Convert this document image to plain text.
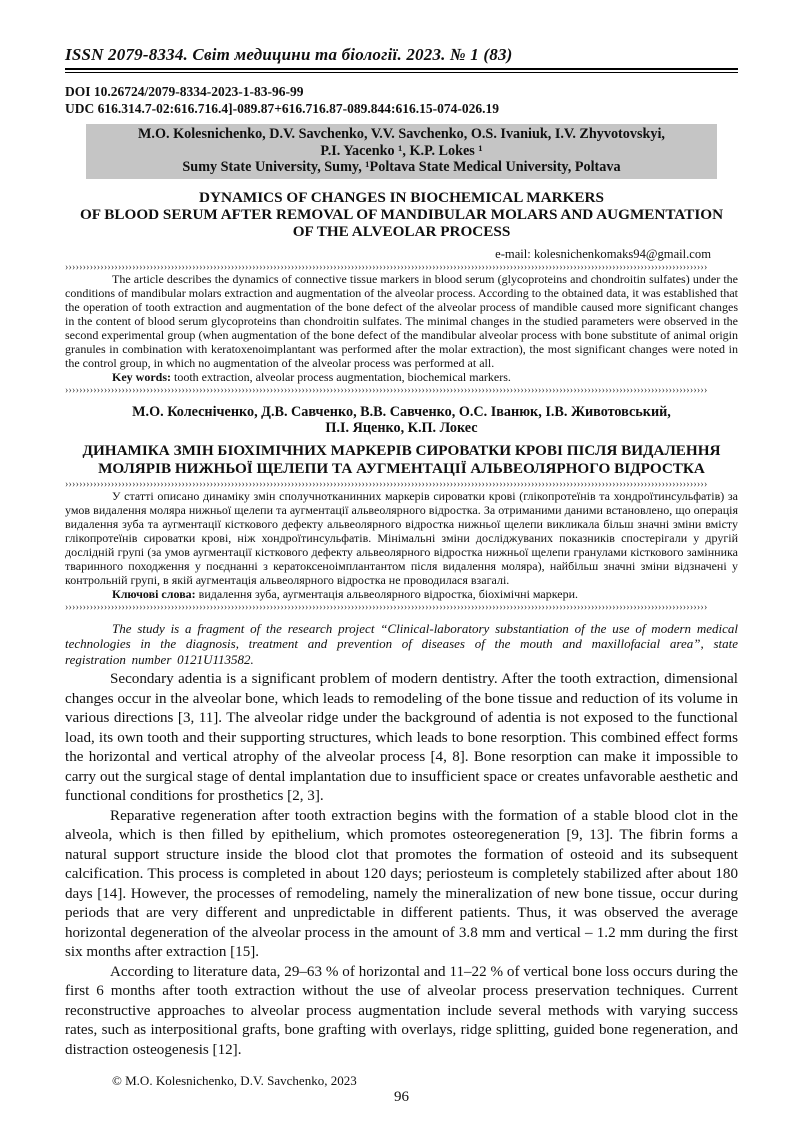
ISSN 2079-8334. Світ медицини та біології. 2023. № 1 (83)
DOI 10.26724/2079-8334-2023-1-83-96-99
UDC 616.314.7-02:616.716.4]-089.87+616.716.87-089.844:616.15-074-026.19
M.O. Kolesnichenko, D.V. Savchenko, V.V. Savchenko, O.S. Ivaniuk, I.V. Zhyvotovskyi,
P.I. Yacenko ¹, K.P. Lokes ¹
Sumy State University, Sumy, ¹Poltava State Medical University, Poltava
DYNAMICS OF CHANGES IN BIOCHEMICAL MARKERS
OF BLOOD SERUM AFTER REMOVAL OF MANDIBULAR MOLARS AND AUGMENTATION
OF THE ALVEOLAR PROCESS
e-mail: kolesnichenkomaks94@gmail.com
››››››››››››››››››››››››››››››››››››››››››››››››››››››››››››››››››››››››››››››››››››››››››››››››››››››››››››››››››››››››››››››››››››››››››››››››››››››››››››››››››››››››››››››››››››››

The article describes the dynamics of connective tissue markers in blood serum (glycoproteins and chondroitin sulfates) under the conditions of mandibular molars extraction and augmentation of the alveolar process. According to the obtained data, it was established that the operation of tooth extraction and augmentation of the bone defect of the alveolar process of mandible caused more significant changes in the content of blood serum glycoproteins than chondroitin sulfates. The minimal changes in the studied parameters were observed in the second experimental group (when augmentation of the bone defect of the mandibular alveolar process with bone substitute of animal origin granules in combination with keratoxenoimplantant was performed after the molar extraction), the most significant changes were noted in the control group, in which no augmentation of the alveolar process was performed at all.

Key words: tooth extraction, alveolar process augmentation, biochemical markers.

››››››››››››››››››››››››››››››››››››››››››››››››››››››››››››››››››››››››››››››››››››››››››››››››››››››››››››››››››››››››››››››››››››››››››››››››››››››››››››››››››››››››››››››››››››››
М.О. Колесніченко, Д.В. Савченко, В.В. Савченко, О.С. Іванюк, І.В. Животовський,
П.І. Яценко, К.П. Локес
ДИНАМІКА ЗМІН БІОХІМІЧНИХ МАРКЕРІВ СИРОВАТКИ КРОВІ ПІСЛЯ ВИДАЛЕННЯ
МОЛЯРІВ НИЖНЬОЇ ЩЕЛЕПИ ТА АУГМЕНТАЦІЇ АЛЬВЕОЛЯРНОГО ВІДРОСТКА
››››››››››››››››››››››››››››››››››››››››››››››››››››››››››››››››››››››››››››››››››››››››››››››››››››››››››››››››››››››››››››››››››››››››››››››››››››››››››››››››››››››››››››››››››››››

У статті описано динаміку змін сполучнотканинних маркерів сироватки крові (глікопротеїнів та хондроїтинсульфатів) за умов видалення моляра нижньої щелепи та аугментації альвеолярного відростка. За отриманими даними встановлено, що операція видалення зуба та аугментації кісткового дефекту альвеолярного відростка нижньої щелепи викликала більш значні зміни вмісту глікопротеїнів сироватки крові, ніж хондроїтинсульфатів. Мінімальні зміни досліджуваних показників спостерігали у другій дослідній групі (за умов аугментації кісткового дефекту альвеолярного відростка нижньої щелепи гранулами кісткового замінника тваринного походження у поєднанні з кератоксеноімплантантом після видалення моляра), найбільш значні зміни відзначені у контрольній групі, в якій аугментація альвеолярного відростка не проводилася взагалі.

Ключові слова: видалення зуба, аугментація альвеолярного відростка, біохімічні маркери.

››››››››››››››››››››››››››››››››››››››››››››››››››››››››››››››››››››››››››››››››››››››››››››››››››››››››››››››››››››››››››››››››››››››››››››››››››››››››››››››››››››››››››››››››››››››

The study is a fragment of the research project “Clinical-laboratory substantiation of the use of modern medical technologies in the diagnosis, treatment and prevention of diseases of the mouth and maxillofacial area”, state registration number 0121U113582.

Secondary adentia is a significant problem of modern dentistry. After the tooth extraction, dimensional changes occur in the alveolar bone, which leads to remodeling of the bone tissue and reduction of its volume in various directions [3, 11]. The alveolar ridge under the background of adentia is not exposed to the functional load, its own tooth and their supporting structures, which leads to bone resorption. This combined effect forms the horizontal and vertical atrophy of the alveolar process [4, 8]. Bone resorption can make it impossible to carry out the surgical stage of dental implantation due to insufficient space or creates unfavorable aesthetic and functional conditions for prosthetics [2, 3].

Reparative regeneration after tooth extraction begins with the formation of a stable blood clot in the alveola, which is then filled by epithelium, which promotes osteoregeneration [9, 13]. The fibrin forms a natural support structure inside the blood clot that promotes the formation of osteoid and its subsequent calcification. This process is completed in about 120 days; periosteum is completely stabilized after about 180 days [14]. However, the processes of remodeling, namely the mineralization of new bone tissue, occur during periods that are very different and unpredictable in different patients. Thus, it was observed the average horizontal degeneration of the alveolar process in the amount of 3.8 mm and vertical – 1.2 mm during the first six months after extraction [15].

According to literature data, 29–63 % of horizontal and 11–22 % of vertical bone loss occurs during the first 6 months after tooth extraction without the use of alveolar process preservation techniques. Current reconstructive approaches to alveolar process augmentation include several methods with varying success rates, such as interpositional grafts, bone grafting with overlays, ridge splitting, guided bone regeneration, and distraction osteogenesis [12].

© M.O. Kolesnichenko, D.V. Savchenko, 2023
96
